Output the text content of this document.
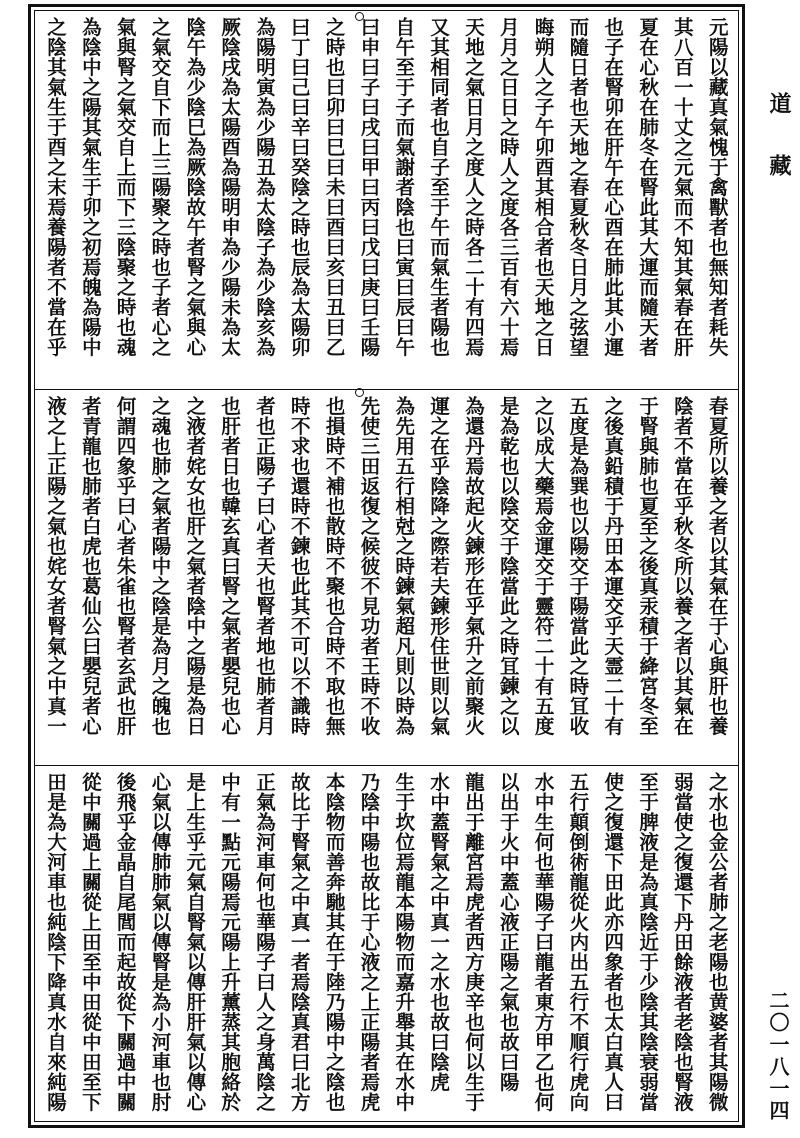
元陽以藏真氣愧于禽獸者也無知者耗失
其八百一十丈之元氣而不知其氣春在肝
夏在心秋在肺冬在腎此其大運而隨天者
也子在腎卯在肝午在心酉在肺此其小運
而隨日者也天地之春夏秋冬日月之弦望
晦朔人之子午卯酉其相合者也天地之日
月月之日日之時人之度各三百有六十焉
天地之氣日月之度人之時各二十有四焉
又其相同者也自子至于午而氣生者陽也
自午至于子而氣謝者陰也曰寅曰辰曰午
曰申曰子曰戌曰甲曰丙曰戊曰庚曰壬陽
之時也曰卯曰巳曰未曰酉曰亥曰丑曰乙
曰丁曰己曰辛曰癸陰之時也辰為太陽卯
為陽明寅為少陽丑為太陰子為少陰亥為
厥陰戌為太陽酉為陽明申為少陽未為太
陰午為少陰巳為厥陰故午者腎之氣與心
之氣交自下而上三陽聚之時也子者心之
氣與腎之氣交自上而下三陰聚之時也魂
為陰中之陽其氣生于卯之初焉魄為陽中
之陰其氣生于酉之末焉養陽者不當在乎
春夏所以養之者以其氣在于心與肝也養
陰者不當在乎秋冬所以養之者以其氣在
于腎與肺也夏至之後真汞積于絳宮冬至
之後真鉛積于丹田本運交乎天霊二十有
五度是為巽也以陽交于陽當此之時冝收
之以成大藥焉金運交于靈符二十有五度
是為乾也以陰交于陰當此之時冝鍊之以
為還丹焉故起火鍊形在乎氣升之前聚火
運之在乎陰降之際若夫鍊形住世則以氣
為先用五行相尅之時鍊氣超凡則以時為
先使三田返復之候彼不見功者王時不收
也損時不補也散時不聚也合時不取也無
時不求也還時不鍊也此其不可以不識時
者也正陽子曰心者天也腎者地也肺者月
也肝者日也韓玄真曰腎之氣者嬰兒也心
之液者姹女也肝之氣者陰中之陽是為日
之魂也肺之氣者陽中之陰是為月之魄也
何謂四象乎曰心者朱雀也腎者玄武也肝
者青龍也肺者白虎也葛仙公曰嬰兒者心
液之上正陽之氣也姹女者腎氣之中真一
之水也金公者肺之老陽也黄婆者其陽微
弱當使之復還下丹田餘液者老陰也腎液
至于脾液是為真陰近于少陰其陰衰弱當
使之復還下田此亦四象者也太白真人曰
五行顛倒術龍從火内出五行不順行虎向
水中生何也華陽子曰龍者東方甲乙也何
以出于火中蓋心液正陽之氣也故曰陽
龍出于離宮焉虎者西方庚辛也何以生于
水中蓋腎氣之中真一之水也故曰陰虎
生于坎位焉龍本陽物而嘉升舉其在水中
乃陰中陽也故比于心液之上正陽者焉虎
本陰物而善奔馳其在于陸乃陽中之陰也
故比于腎氣之中真一者焉陰真君曰北方
正氣為河車何也華陽子曰人之身萬陰之
中有一點元陽焉元陽上升薰蒸其胞絡於
是上生乎元氣自腎氣以傳肝肝氣以傳心
心氣以傳肺肺氣以傳腎是為小河車也肘
後飛乎金晶自尾閭而起故從下關過中關
從中關過上關從上田至中田從中田至下
田是為大河車也純陰下降真水自來純陽
道藏
二〇一八一四
